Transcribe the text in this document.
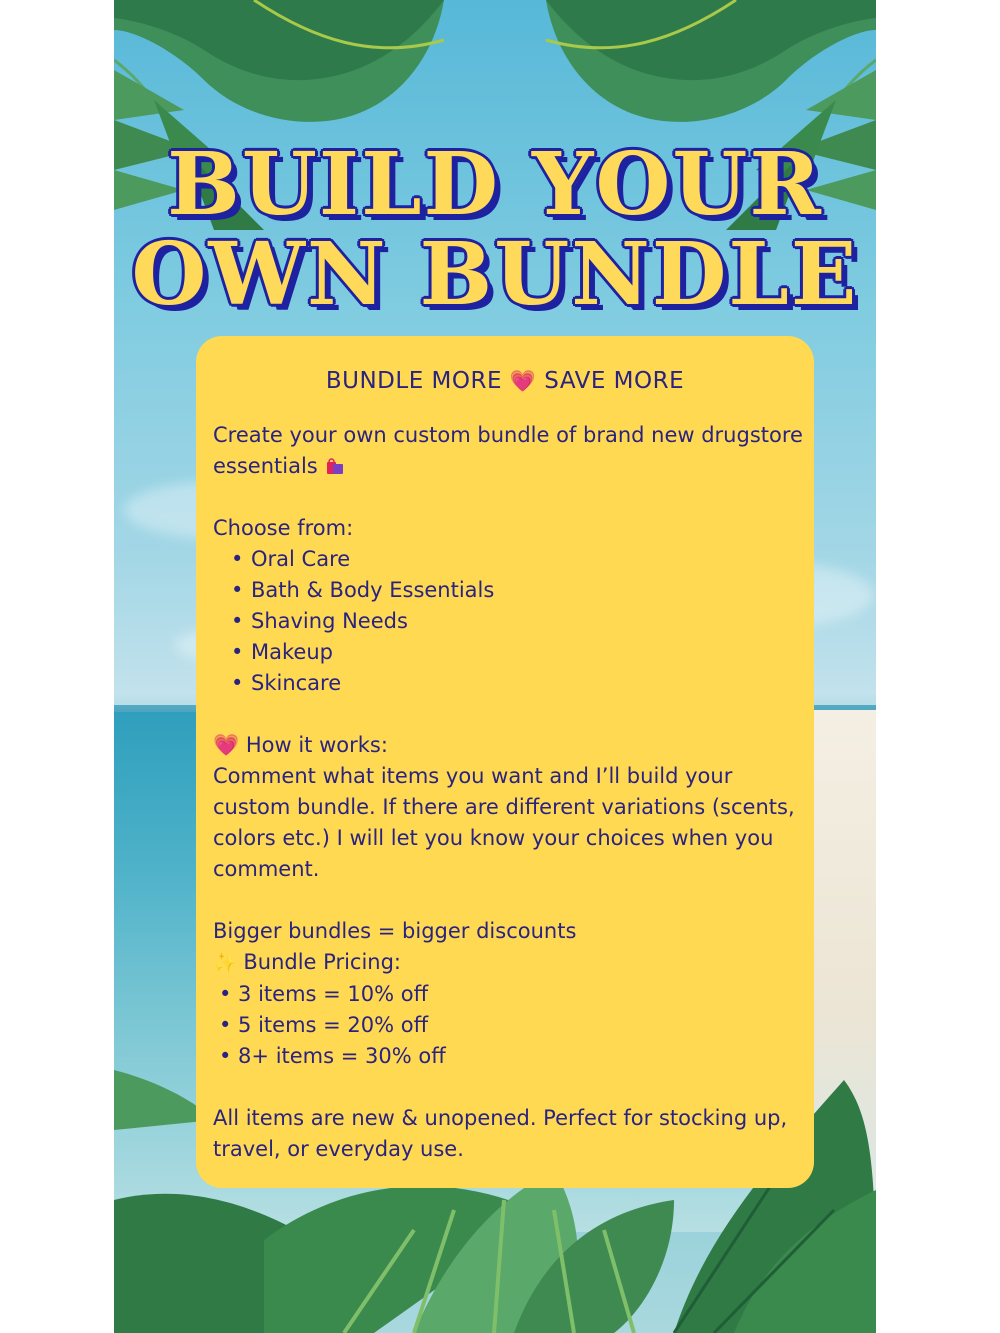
BUILD YOUR
OWN BUNDLE
BUNDLE MORE 💗 SAVE MORE

Create your own custom bundle of brand new drugstore essentials

Choose from:

• Oral Care
• Bath & Body Essentials
• Shaving Needs
• Makeup
• Skincare

💗 How it works:

Comment what items you want and I’ll build your custom bundle. If there are different variations (scents, colors etc.) I will let you know your choices when you comment.

Bigger bundles = bigger discounts

✨ Bundle Pricing:

• 3 items = 10% off

• 5 items = 20% off

• 8+ items = 30% off

All items are new & unopened. Perfect for stocking up, travel, or everyday use.
